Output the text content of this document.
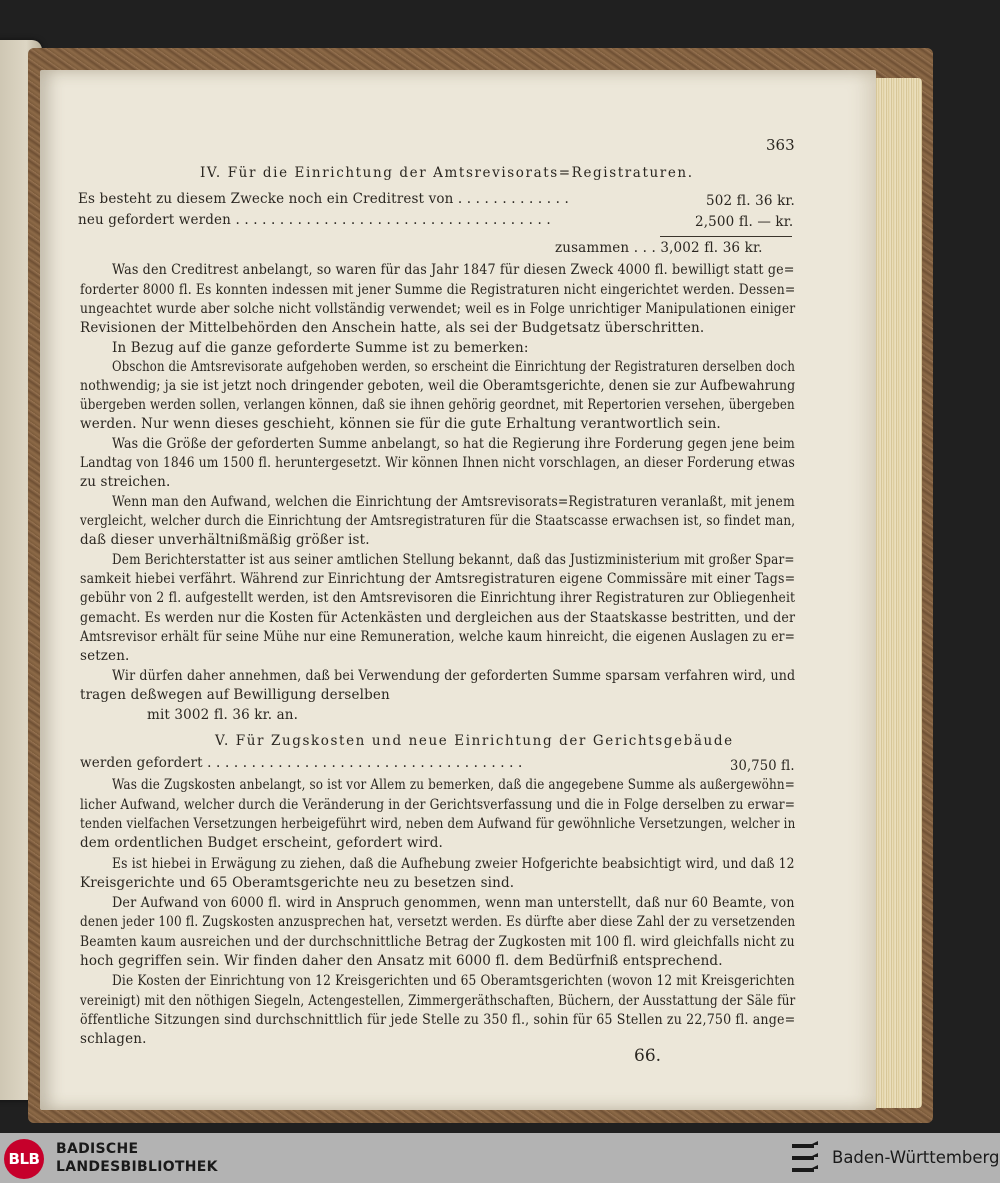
IV. Für die Einrichtung der Amtsrevisorats=Registraturen.
Es besteht zu diesem Zwecke noch ein Creditrest von . . . . . . . . . . . . .	502 fl. 36 kr.
neu gefordert werden . . . . . . . . . . . . . . . . . . . . . . . . . . . . . . . . . . . .	2,500 fl. — kr.
zusammen . . . 3,002 fl. 36 kr.
Was den Creditrest anbelangt, so waren für das Jahr 1847 für diesen Zweck 4000 fl. bewilligt statt ge=
forderter 8000 fl. Es konnten indessen mit jener Summe die Registraturen nicht eingerichtet werden. Dessen=
ungeachtet wurde aber solche nicht vollständig verwendet; weil es in Folge unrichtiger Manipulationen einiger
Revisionen der Mittelbehörden den Anschein hatte, als sei der Budgetsatz überschritten.
In Bezug auf die ganze geforderte Summe ist zu bemerken:
Obschon die Amtsrevisorate aufgehoben werden, so erscheint die Einrichtung der Registraturen derselben doch
nothwendig; ja sie ist jetzt noch dringender geboten, weil die Oberamtsgerichte, denen sie zur Aufbewahrung
übergeben werden sollen, verlangen können, daß sie ihnen gehörig geordnet, mit Repertorien versehen, übergeben
werden. Nur wenn dieses geschieht, können sie für die gute Erhaltung verantwortlich sein.
Was die Größe der geforderten Summe anbelangt, so hat die Regierung ihre Forderung gegen jene beim
Landtag von 1846 um 1500 fl. heruntergesetzt. Wir können Ihnen nicht vorschlagen, an dieser Forderung etwas
zu streichen.
Wenn man den Aufwand, welchen die Einrichtung der Amtsrevisorats=Registraturen veranlaßt, mit jenem
vergleicht, welcher durch die Einrichtung der Amtsregistraturen für die Staatscasse erwachsen ist, so findet man,
daß dieser unverhältnißmäßig größer ist.
Dem Berichterstatter ist aus seiner amtlichen Stellung bekannt, daß das Justizministerium mit großer Spar=
samkeit hiebei verfährt. Während zur Einrichtung der Amtsregistraturen eigene Commissäre mit einer Tags=
gebühr von 2 fl. aufgestellt werden, ist den Amtsrevisoren die Einrichtung ihrer Registraturen zur Obliegenheit
gemacht. Es werden nur die Kosten für Actenkästen und dergleichen aus der Staatskasse bestritten, und der
Amtsrevisor erhält für seine Mühe nur eine Remuneration, welche kaum hinreicht, die eigenen Auslagen zu er=
setzen.
Wir dürfen daher annehmen, daß bei Verwendung der geforderten Summe sparsam verfahren wird, und
tragen deßwegen auf Bewilligung derselben
mit 3002 fl. 36 kr. an.
V. Für Zugskosten und neue Einrichtung der Gerichtsgebäude
werden gefordert . . . . . . . . . . . . . . . . . . . . . . . . . . . . . . . . . . . .	30,750 fl.
Was die Zugskosten anbelangt, so ist vor Allem zu bemerken, daß die angegebene Summe als außergewöhn=
licher Aufwand, welcher durch die Veränderung in der Gerichtsverfassung und die in Folge derselben zu erwar=
tenden vielfachen Versetzungen herbeigeführt wird, neben dem Aufwand für gewöhnliche Versetzungen, welcher in
dem ordentlichen Budget erscheint, gefordert wird.
Es ist hiebei in Erwägung zu ziehen, daß die Aufhebung zweier Hofgerichte beabsichtigt wird, und daß 12
Kreisgerichte und 65 Oberamtsgerichte neu zu besetzen sind.
Der Aufwand von 6000 fl. wird in Anspruch genommen, wenn man unterstellt, daß nur 60 Beamte, von
denen jeder 100 fl. Zugskosten anzusprechen hat, versetzt werden. Es dürfte aber diese Zahl der zu versetzenden
Beamten kaum ausreichen und der durchschnittliche Betrag der Zugkosten mit 100 fl. wird gleichfalls nicht zu
hoch gegriffen sein. Wir finden daher den Ansatz mit 6000 fl. dem Bedürfniß entsprechend.
Die Kosten der Einrichtung von 12 Kreisgerichten und 65 Oberamtsgerichten (wovon 12 mit Kreisgerichten
vereinigt) mit den nöthigen Siegeln, Actengestellen, Zimmergeräthschaften, Büchern, der Ausstattung der Säle für
öffentliche Sitzungen sind durchschnittlich für jede Stelle zu 350 fl., sohin für 65 Stellen zu 22,750 fl. ange=
schlagen.
363
66.
BLB
BADISCHE
LANDESBIBLIOTHEK	Baden-Württemberg
